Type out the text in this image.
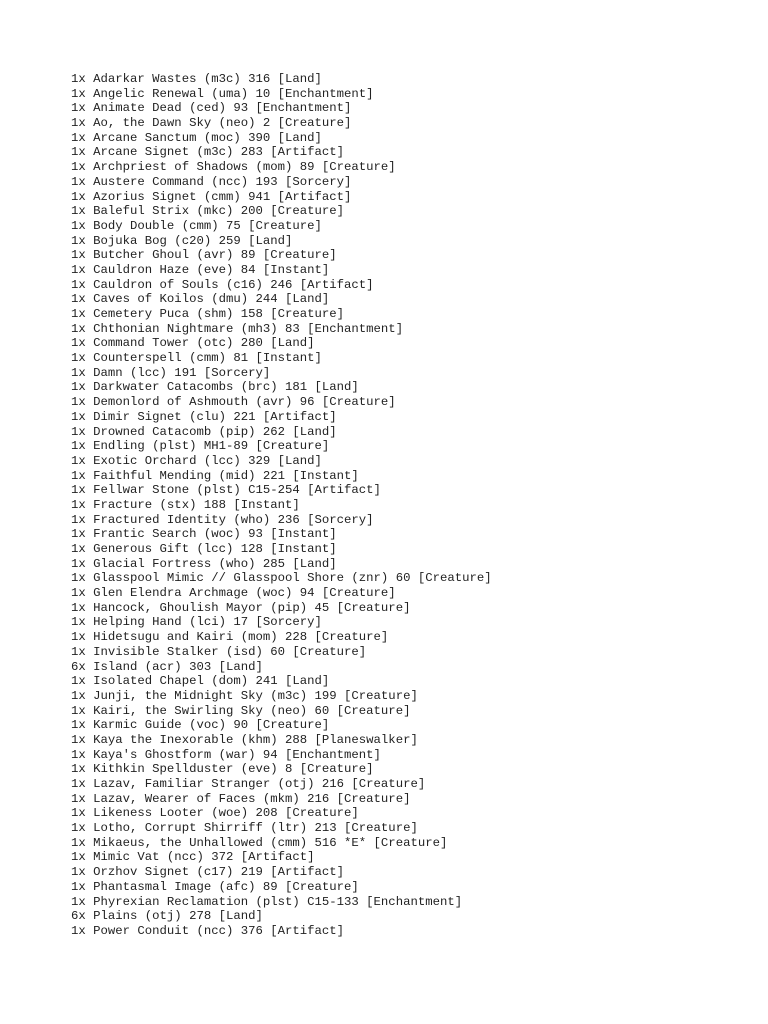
1x Adarkar Wastes (m3c) 316 [Land]
1x Angelic Renewal (uma) 10 [Enchantment]
1x Animate Dead (ced) 93 [Enchantment]
1x Ao, the Dawn Sky (neo) 2 [Creature]
1x Arcane Sanctum (moc) 390 [Land]
1x Arcane Signet (m3c) 283 [Artifact]
1x Archpriest of Shadows (mom) 89 [Creature]
1x Austere Command (ncc) 193 [Sorcery]
1x Azorius Signet (cmm) 941 [Artifact]
1x Baleful Strix (mkc) 200 [Creature]
1x Body Double (cmm) 75 [Creature]
1x Bojuka Bog (c20) 259 [Land]
1x Butcher Ghoul (avr) 89 [Creature]
1x Cauldron Haze (eve) 84 [Instant]
1x Cauldron of Souls (c16) 246 [Artifact]
1x Caves of Koilos (dmu) 244 [Land]
1x Cemetery Puca (shm) 158 [Creature]
1x Chthonian Nightmare (mh3) 83 [Enchantment]
1x Command Tower (otc) 280 [Land]
1x Counterspell (cmm) 81 [Instant]
1x Damn (lcc) 191 [Sorcery]
1x Darkwater Catacombs (brc) 181 [Land]
1x Demonlord of Ashmouth (avr) 96 [Creature]
1x Dimir Signet (clu) 221 [Artifact]
1x Drowned Catacomb (pip) 262 [Land]
1x Endling (plst) MH1-89 [Creature]
1x Exotic Orchard (lcc) 329 [Land]
1x Faithful Mending (mid) 221 [Instant]
1x Fellwar Stone (plst) C15-254 [Artifact]
1x Fracture (stx) 188 [Instant]
1x Fractured Identity (who) 236 [Sorcery]
1x Frantic Search (woc) 93 [Instant]
1x Generous Gift (lcc) 128 [Instant]
1x Glacial Fortress (who) 285 [Land]
1x Glasspool Mimic // Glasspool Shore (znr) 60 [Creature]
1x Glen Elendra Archmage (woc) 94 [Creature]
1x Hancock, Ghoulish Mayor (pip) 45 [Creature]
1x Helping Hand (lci) 17 [Sorcery]
1x Hidetsugu and Kairi (mom) 228 [Creature]
1x Invisible Stalker (isd) 60 [Creature]
6x Island (acr) 303 [Land]
1x Isolated Chapel (dom) 241 [Land]
1x Junji, the Midnight Sky (m3c) 199 [Creature]
1x Kairi, the Swirling Sky (neo) 60 [Creature]
1x Karmic Guide (voc) 90 [Creature]
1x Kaya the Inexorable (khm) 288 [Planeswalker]
1x Kaya's Ghostform (war) 94 [Enchantment]
1x Kithkin Spellduster (eve) 8 [Creature]
1x Lazav, Familiar Stranger (otj) 216 [Creature]
1x Lazav, Wearer of Faces (mkm) 216 [Creature]
1x Likeness Looter (woe) 208 [Creature]
1x Lotho, Corrupt Shirriff (ltr) 213 [Creature]
1x Mikaeus, the Unhallowed (cmm) 516 *E* [Creature]
1x Mimic Vat (ncc) 372 [Artifact]
1x Orzhov Signet (c17) 219 [Artifact]
1x Phantasmal Image (afc) 89 [Creature]
1x Phyrexian Reclamation (plst) C15-133 [Enchantment]
6x Plains (otj) 278 [Land]
1x Power Conduit (ncc) 376 [Artifact]
